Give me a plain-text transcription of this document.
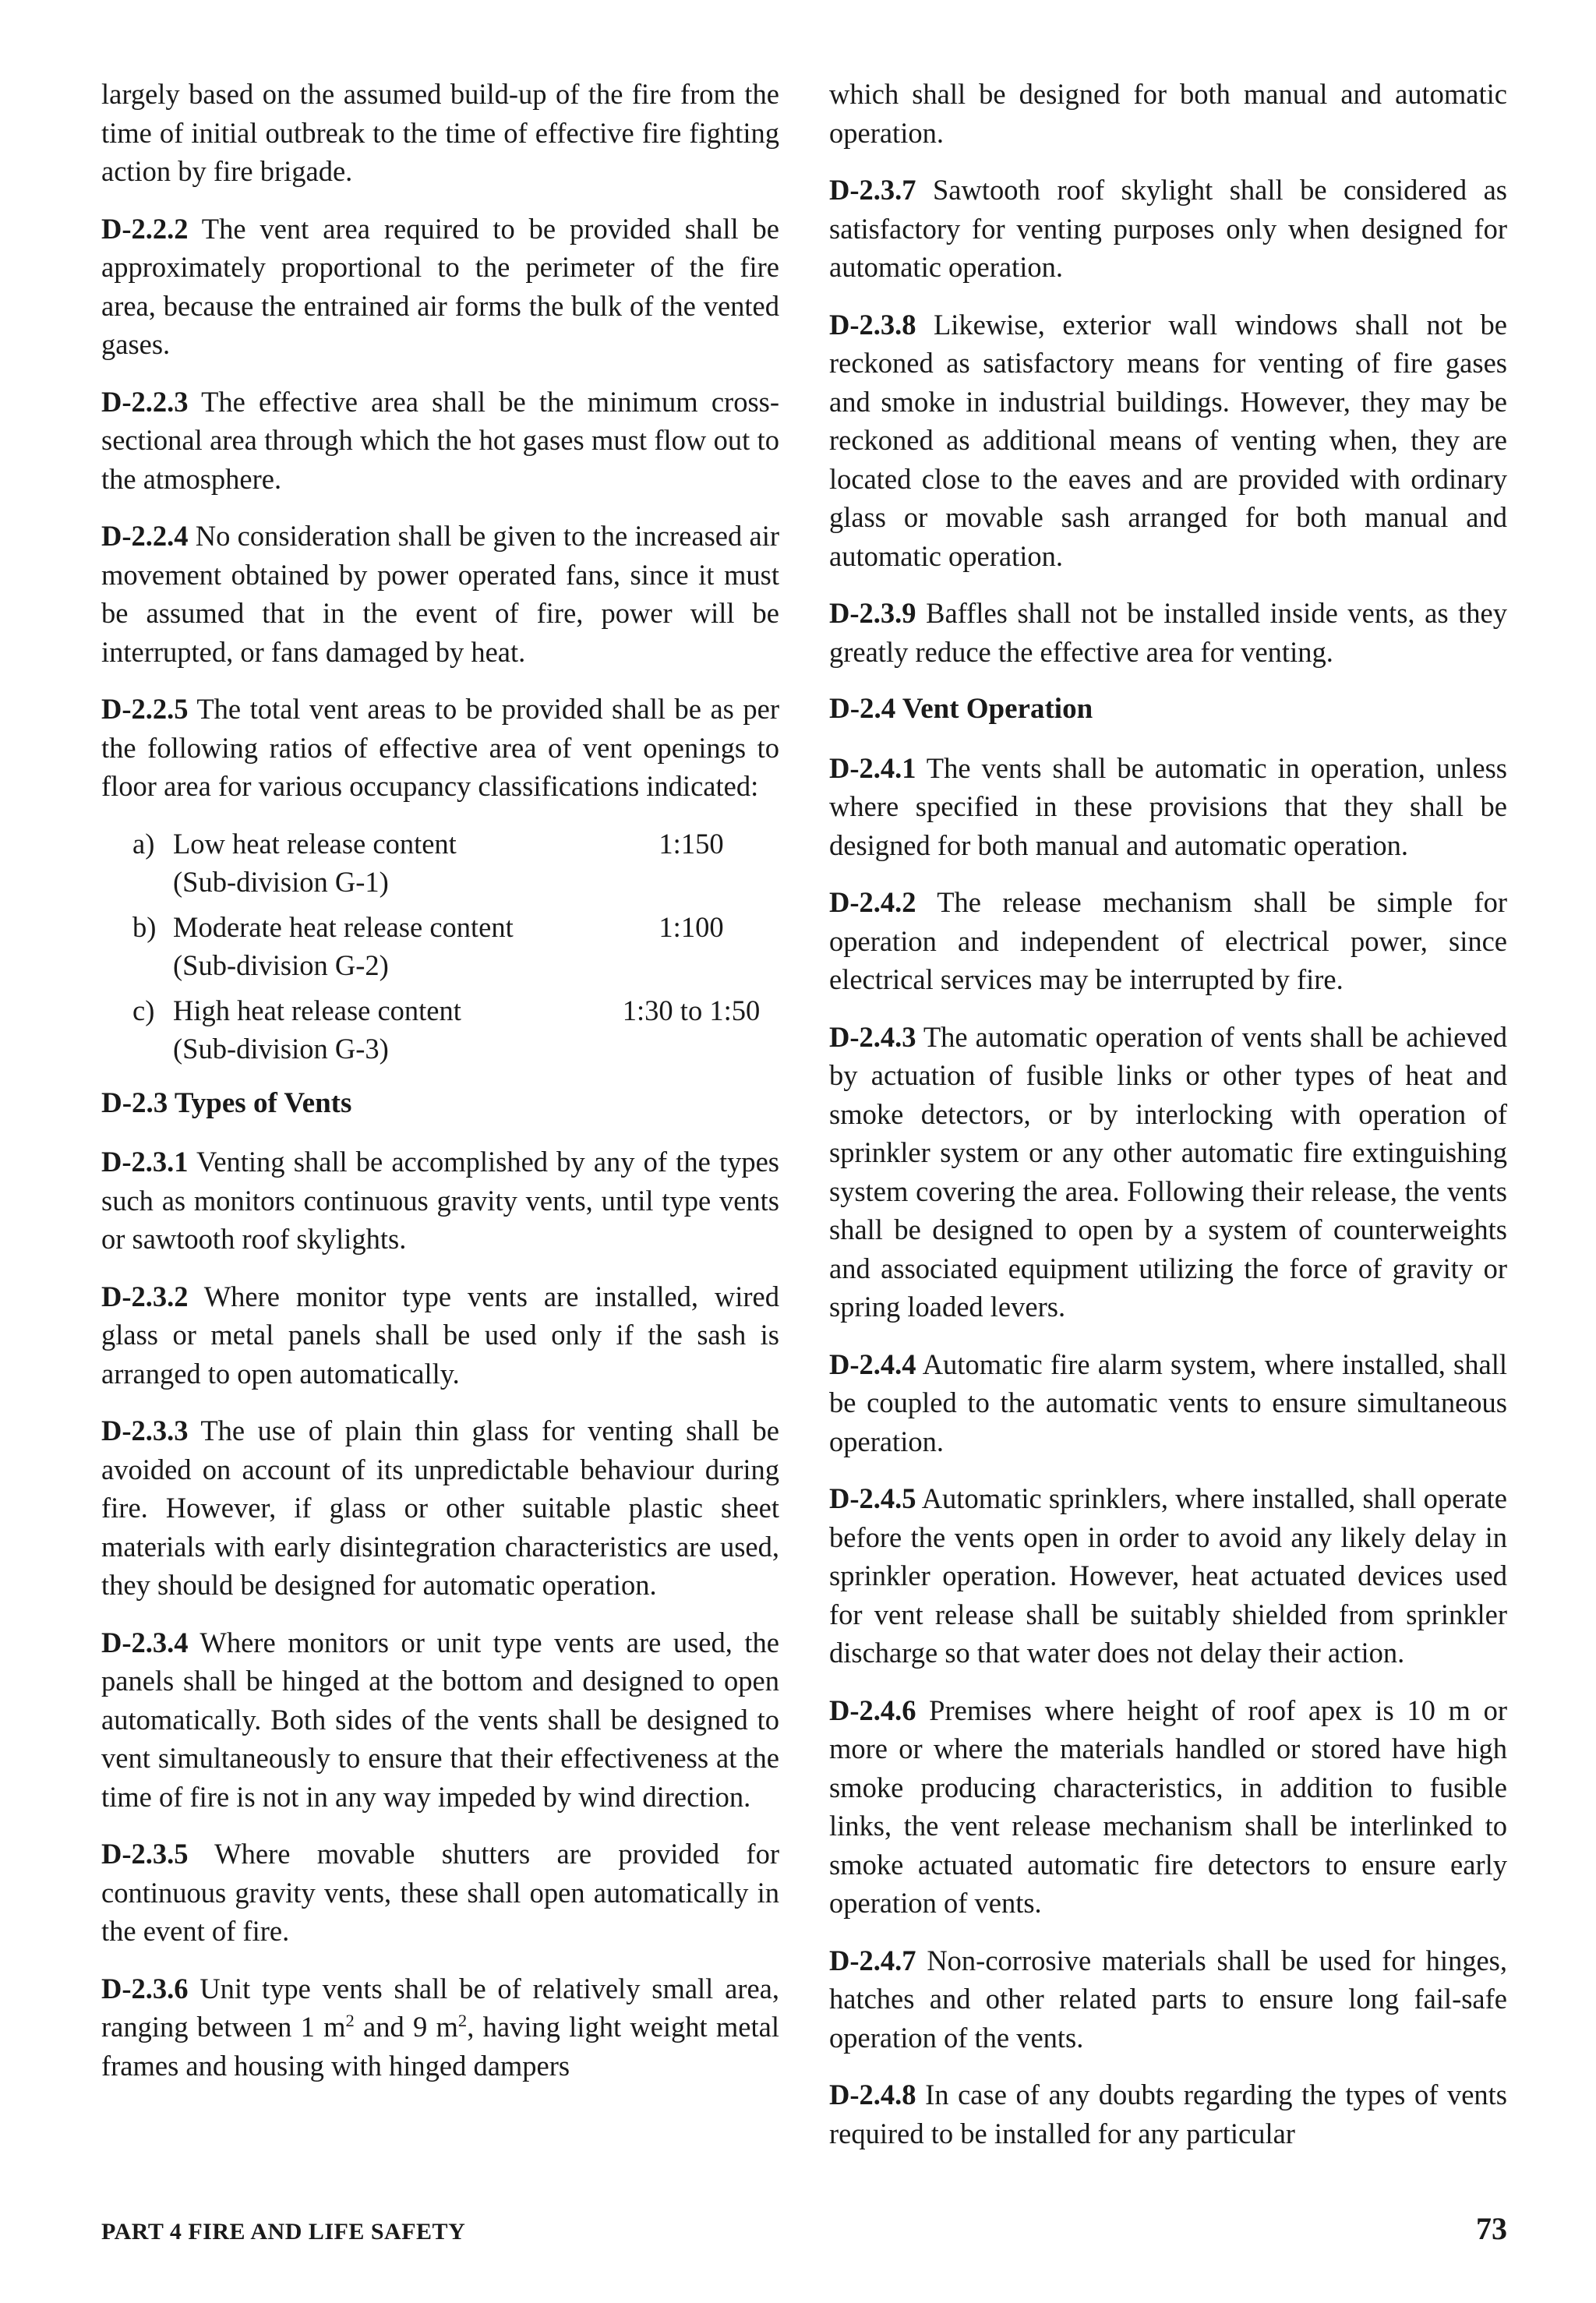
largely based on the assumed build-up of the fire from the time of initial outbreak to the time of effective fire fighting action by fire brigade.

D-2.2.2 The vent area required to be provided shall be approximately proportional to the perimeter of the fire area, because the entrained air forms the bulk of the vented gases.

D-2.2.3 The effective area shall be the minimum cross-sectional area through which the hot gases must flow out to the atmosphere.

D-2.2.4 No consideration shall be given to the increased air movement obtained by power operated fans, since it must be assumed that in the event of fire, power will be interrupted, or fans damaged by heat.

D-2.2.5 The total vent areas to be provided shall be as per the following ratios of effective area of vent openings to floor area for various occupancy classifications indicated:

a) Low heat release content
(Sub-division G-1)
1:150
b) Moderate heat release content
(Sub-division G-2)
1:100
c) High heat release content
(Sub-division G-3)
1:30 to 1:50
D-2.3 Types of Vents

D-2.3.1 Venting shall be accomplished by any of the types such as monitors continuous gravity vents, until type vents or sawtooth roof skylights.

D-2.3.2 Where monitor type vents are installed, wired glass or metal panels shall be used only if the sash is arranged to open automatically.

D-2.3.3 The use of plain thin glass for venting shall be avoided on account of its unpredictable behaviour during fire. However, if glass or other suitable plastic sheet materials with early disintegration characteristics are used, they should be designed for automatic operation.

D-2.3.4 Where monitors or unit type vents are used, the panels shall be hinged at the bottom and designed to open automatically. Both sides of the vents shall be designed to vent simultaneously to ensure that their effectiveness at the time of fire is not in any way impeded by wind direction.

D-2.3.5 Where movable shutters are provided for continuous gravity vents, these shall open automatically in the event of fire.

D-2.3.6 Unit type vents shall be of relatively small area, ranging between 1 $m^2$ and 9 $m^2$, having light weight metal frames and housing with hinged dampers

which shall be designed for both manual and automatic operation.

D-2.3.7 Sawtooth roof skylight shall be considered as satisfactory for venting purposes only when designed for automatic operation.

D-2.3.8 Likewise, exterior wall windows shall not be reckoned as satisfactory means for venting of fire gases and smoke in industrial buildings. However, they may be reckoned as additional means of venting when, they are located close to the eaves and are provided with ordinary glass or movable sash arranged for both manual and automatic operation.

D-2.3.9 Baffles shall not be installed inside vents, as they greatly reduce the effective area for venting.

D-2.4 Vent Operation

D-2.4.1 The vents shall be automatic in operation, unless where specified in these provisions that they shall be designed for both manual and automatic operation.

D-2.4.2 The release mechanism shall be simple for operation and independent of electrical power, since electrical services may be interrupted by fire.

D-2.4.3 The automatic operation of vents shall be achieved by actuation of fusible links or other types of heat and smoke detectors, or by interlocking with operation of sprinkler system or any other automatic fire extinguishing system covering the area. Following their release, the vents shall be designed to open by a system of counterweights and associated equipment utilizing the force of gravity or spring loaded levers.

D-2.4.4 Automatic fire alarm system, where installed, shall be coupled to the automatic vents to ensure simultaneous operation.

D-2.4.5 Automatic sprinklers, where installed, shall operate before the vents open in order to avoid any likely delay in sprinkler operation. However, heat actuated devices used for vent release shall be suitably shielded from sprinkler discharge so that water does not delay their action.

D-2.4.6 Premises where height of roof apex is 10 m or more or where the materials handled or stored have high smoke producing characteristics, in addition to fusible links, the vent release mechanism shall be interlinked to smoke actuated automatic fire detectors to ensure early operation of vents.

D-2.4.7 Non-corrosive materials shall be used for hinges, hatches and other related parts to ensure long fail-safe operation of the vents.

D-2.4.8 In case of any doubts regarding the types of vents required to be installed for any particular

PART 4 FIRE AND LIFE SAFETY	73
